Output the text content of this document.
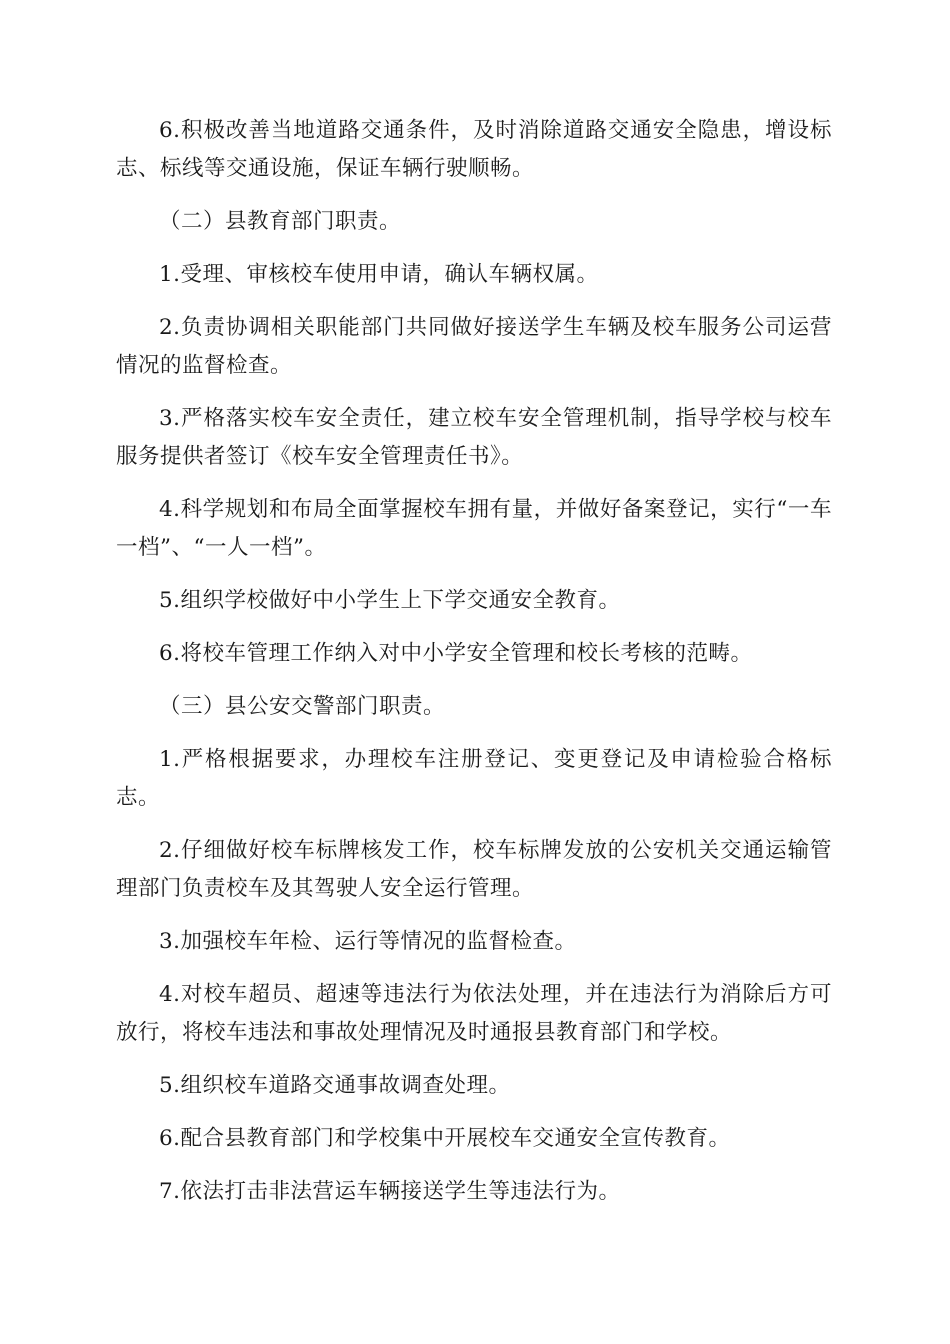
6.积极改善当地道路交通条件，及时消除道路交通安全隐患，增设标志、标线等交通设施，保证车辆行驶顺畅。

（二）县教育部门职责。

1.受理、审核校车使用申请，确认车辆权属。

2.负责协调相关职能部门共同做好接送学生车辆及校车服务公司运营情况的监督检查。

3.严格落实校车安全责任，建立校车安全管理机制，指导学校与校车服务提供者签订《校车安全管理责任书》。

4.科学规划和布局全面掌握校车拥有量，并做好备案登记，实行“一车一档”、“一人一档”。

5.组织学校做好中小学生上下学交通安全教育。

6.将校车管理工作纳入对中小学安全管理和校长考核的范畴。

（三）县公安交警部门职责。

1.严格根据要求，办理校车注册登记、变更登记及申请检验合格标志。

2.仔细做好校车标牌核发工作，校车标牌发放的公安机关交通运输管理部门负责校车及其驾驶人安全运行管理。

3.加强校车年检、运行等情况的监督检查。

4.对校车超员、超速等违法行为依法处理，并在违法行为消除后方可放行，将校车违法和事故处理情况及时通报县教育部门和学校。

5.组织校车道路交通事故调查处理。

6.配合县教育部门和学校集中开展校车交通安全宣传教育。

7.依法打击非法营运车辆接送学生等违法行为。
